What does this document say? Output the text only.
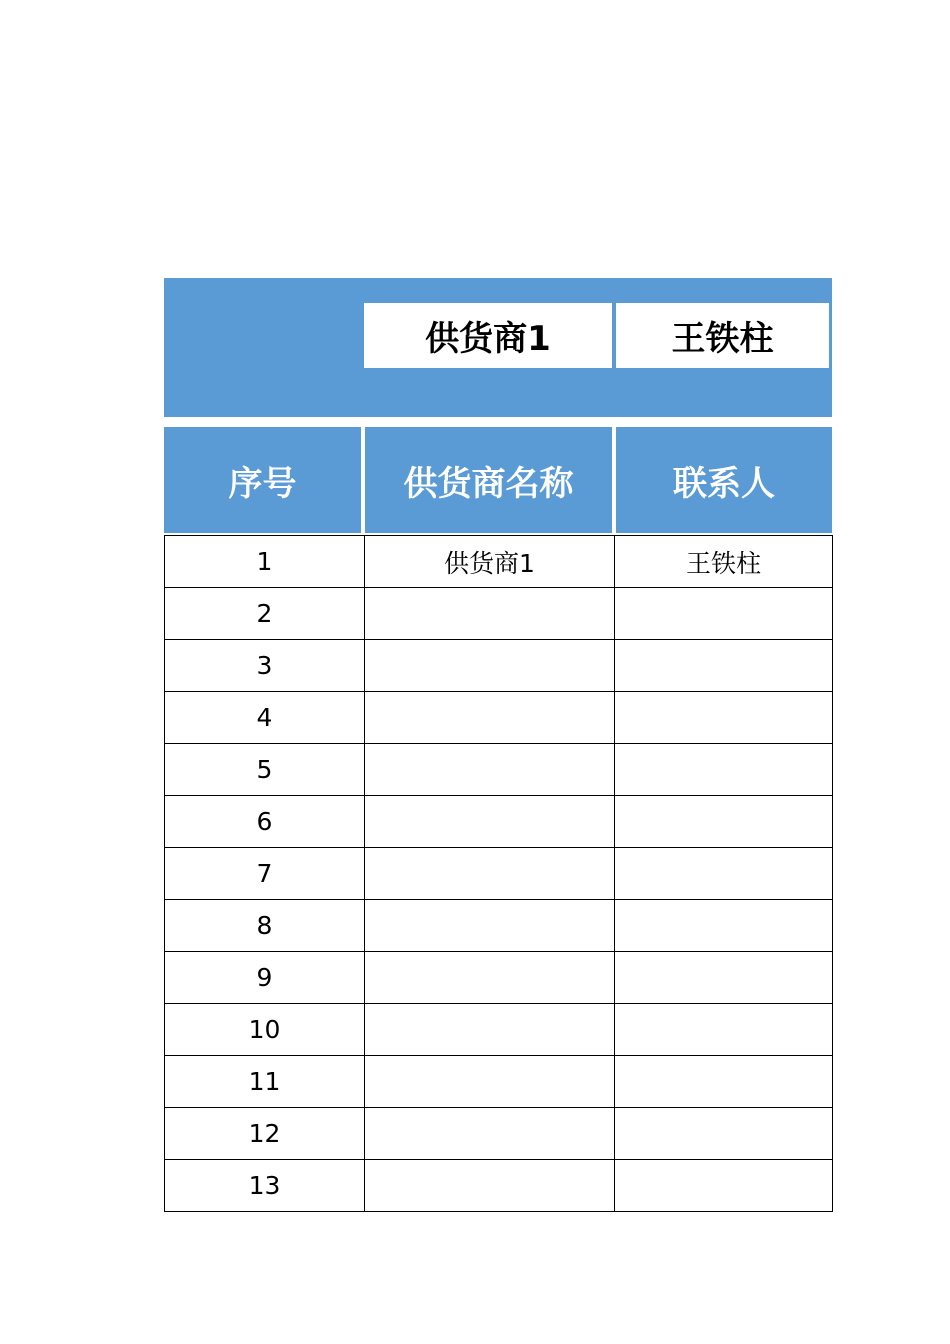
供货商1	王铁柱
序号	供货商名称	联系人
1	供货商1	王铁柱
2		
3		
4		
5		
6		
7		
8		
9		
10		
11		
12		
13		
